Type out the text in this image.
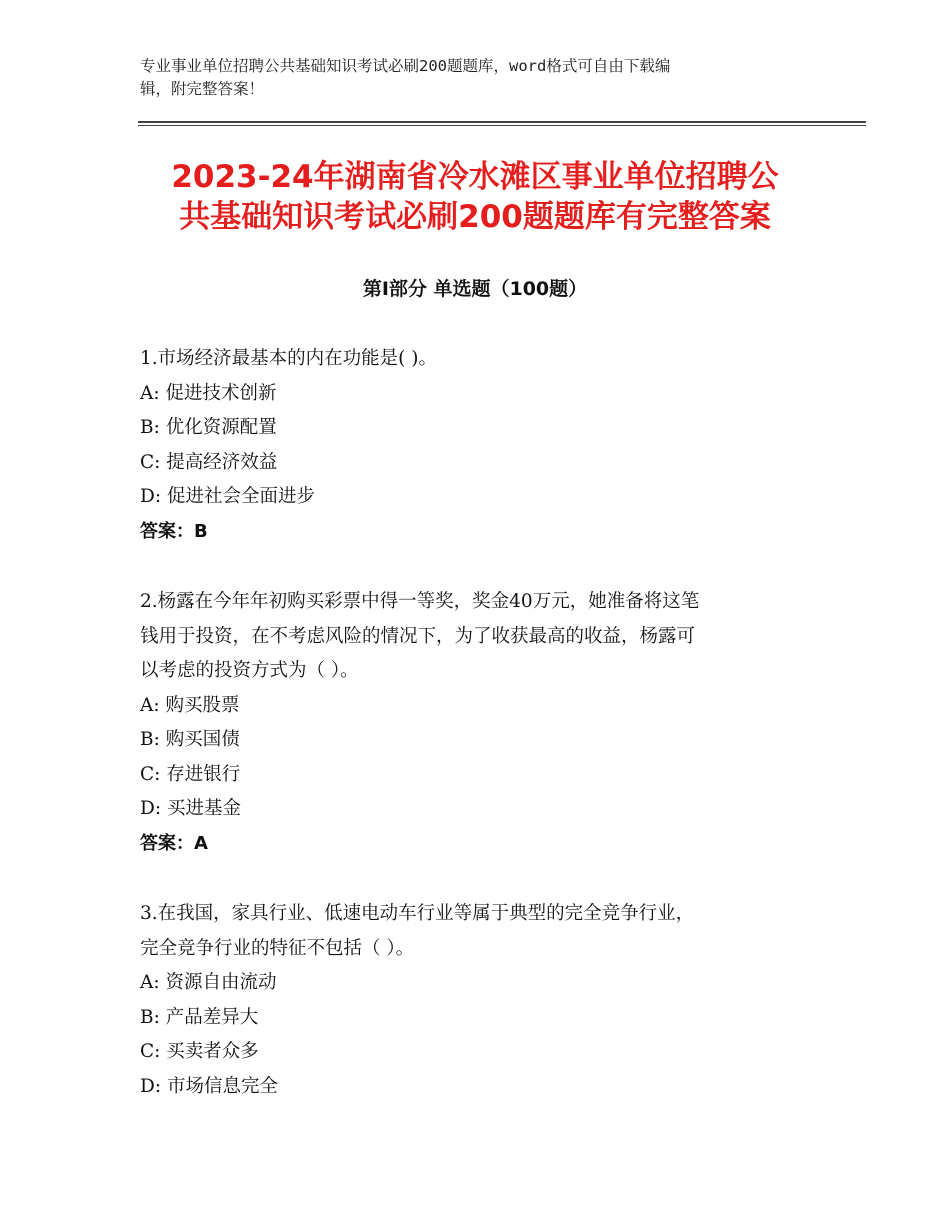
专业事业单位招聘公共基础知识考试必刷200题题库，word格式可自由下载编
辑，附完整答案！
2023-24年湖南省冷水滩区事业单位招聘公
共基础知识考试必刷200题题库有完整答案
第I部分 单选题（100题）
1.市场经济最基本的内在功能是( )。
A: 促进技术创新
B: 优化资源配置
C: 提高经济效益
D: 促进社会全面进步
答案：B
2.杨露在今年年初购买彩票中得一等奖，奖金40万元，她准备将这笔
钱用于投资，在不考虑风险的情况下，为了收获最高的收益，杨露可
以考虑的投资方式为（ ）。
A: 购买股票
B: 购买国债
C: 存进银行
D: 买进基金
答案：A
3.在我国，家具行业、低速电动车行业等属于典型的完全竞争行业，
完全竞争行业的特征不包括（ ）。
A: 资源自由流动
B: 产品差异大
C: 买卖者众多
D: 市场信息完全
